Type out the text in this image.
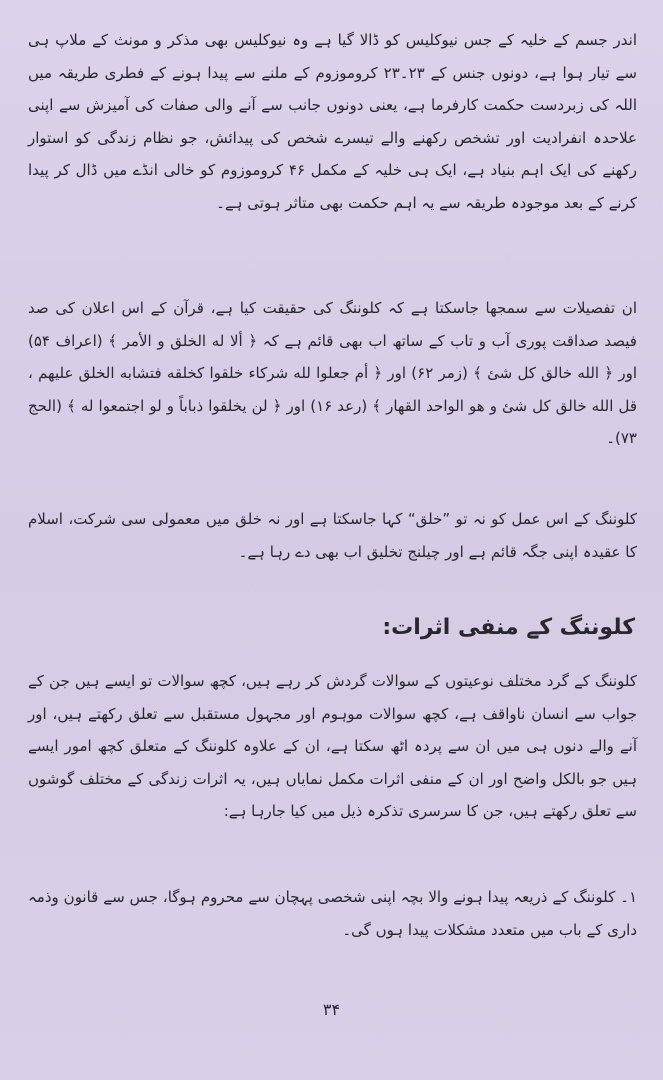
اندر جسم کے خلیہ کے جس نیوکلیس کو ڈالا گیا ہے وہ نیوکلیس بھی مذکر و مونث کے ملاپ ہی سے تیار ہوا ہے، دونوں جنس کے ۲۳۔۲۳ کروموزوم کے ملنے سے پیدا ہونے کے فطری طریقہ میں اللہ کی زبردست حکمت کارفرما ہے، یعنی دونوں جانب سے آنے والی صفات کی آمیزش سے اپنی علاحدہ انفرادیت اور تشخص رکھنے والے تیسرے شخص کی پیدائش، جو نظام زندگی کو استوار رکھنے کی ایک اہم بنیاد ہے، ایک ہی خلیہ کے مکمل ۴۶ کروموزوم کو خالی انڈے میں ڈال کر پیدا کرنے کے بعد موجودہ طریقہ سے یہ اہم حکمت بھی متاثر ہوتی ہے۔

ان تفصیلات سے سمجھا جاسکتا ہے کہ کلوننگ کی حقیقت کیا ہے، قرآن کے اس اعلان کی صد فیصد صداقت پوری آب و تاب کے ساتھ اب بھی قائم ہے کہ ﴿ ألا له الخلق و الأمر ﴾ (اعراف ۵۴) اور ﴿ الله خالق كل شئ ﴾ (زمر ۶۲) اور ﴿ أم جعلوا لله شركاء خلقوا كخلقه فتشابه الخلق عليهم ، قل الله خالق كل شئ و هو الواحد القهار ﴾ (رعد ۱۶) اور ﴿ لن يخلقوا ذباباً و لو اجتمعوا له ﴾ (الحج ۷۳)۔

کلوننگ کے اس عمل کو نہ تو ”خلق“ کہا جاسکتا ہے اور نہ خلق میں معمولی سی شرکت، اسلام کا عقیدہ اپنی جگہ قائم ہے اور چیلنج تخلیق اب بھی دے رہا ہے۔

کلوننگ کے منفی اثرات:

کلوننگ کے گرد مختلف نوعیتوں کے سوالات گردش کر رہے ہیں، کچھ سوالات تو ایسے ہیں جن کے جواب سے انسان ناواقف ہے، کچھ سوالات موہوم اور مجہول مستقبل سے تعلق رکھتے ہیں، اور آنے والے دنوں ہی میں ان سے پردہ اٹھ سکتا ہے، ان کے علاوہ کلوننگ کے متعلق کچھ امور ایسے ہیں جو بالکل واضح اور ان کے منفی اثرات مکمل نمایاں ہیں، یہ اثرات زندگی کے مختلف گوشوں سے تعلق رکھتے ہیں، جن کا سرسری تذکرہ ذیل میں کیا جارہا ہے:

۱۔ کلوننگ کے ذریعہ پیدا ہونے والا بچہ اپنی شخصی پہچان سے محروم ہوگا، جس سے قانون وذمہ داری کے باب میں متعدد مشکلات پیدا ہوں گی۔

۳۴
